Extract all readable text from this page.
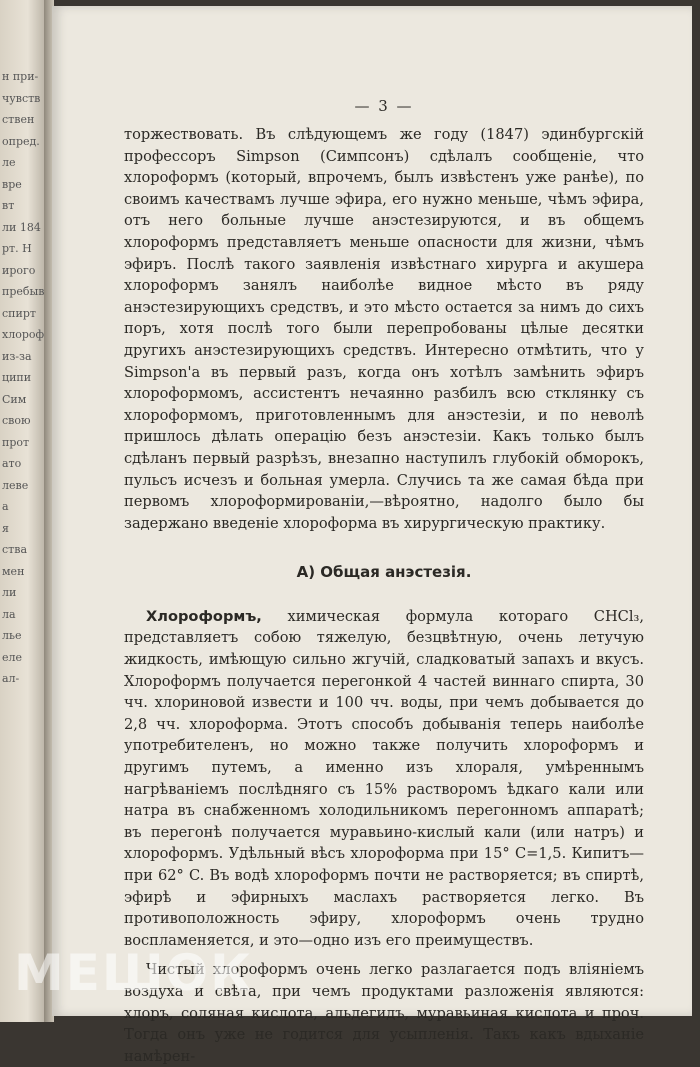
н при-
чувств
ствен
опред.
ле
вре
вт
ли 184
рт. Н
ирого
пребыв
спирт
хлороф
из-за
ципи
Сим
свою
прот
ато
леве
а
я
ства
мен
ли
ла
лье
еле
ал-
— 3 —

торжествовать. Въ слѣдующемъ же году (1847) эдинбургскій профессоръ Simpson (Симпсонъ) сдѣлалъ сообщеніе, что хлороформъ (который, впрочемъ, былъ извѣстенъ уже ранѣе), по своимъ качествамъ лучше эфира, его нужно меньше, чѣмъ эфира, отъ него больные лучше анэстезируются, и въ общемъ хлороформъ представляетъ меньше опасности для жизни, чѣмъ эфиръ. Послѣ такого заявленія извѣстнаго хирурга и акушера хлороформъ занялъ наиболѣе видное мѣсто въ ряду анэстезирующихъ средствъ, и это мѣсто остается за нимъ до сихъ поръ, хотя послѣ того были перепробованы цѣлые десятки другихъ анэстезирующихъ средствъ. Интересно отмѣтить, что у Simpson'а въ первый разъ, когда онъ хотѣлъ замѣнить эфиръ хлороформомъ, ассистентъ нечаянно разбилъ всю стклянку съ хлороформомъ, приготовленнымъ для анэстезіи, и по неволѣ пришлось дѣлать операцію безъ анэстезіи. Какъ только былъ сдѣланъ первый разрѣзъ, внезапно наступилъ глубокій обморокъ, пульсъ исчезъ и больная умерла. Случись та же самая бѣда при первомъ хлороформированіи,—вѣроятно, надолго было бы задержано введеніе хлороформа въ хирургическую практику.

А) Общая анэстезія.

Хлороформъ, химическая формула котораго CHCl₃, представляетъ собою тяжелую, безцвѣтную, очень летучую жидкость, имѣющую сильно жгучій, сладковатый запахъ и вкусъ. Хлороформъ получается перегонкой 4 частей виннаго спирта, 30 чч. хлориновой извести и 100 чч. воды, при чемъ добывается до 2,8 чч. хлороформа. Этотъ способъ добыванія теперь наиболѣе употребителенъ, но можно также получить хлороформъ и другимъ путемъ, а именно изъ хлораля, умѣреннымъ нагрѣваніемъ послѣдняго съ 15% растворомъ ѣдкаго кали или натра въ снабженномъ холодильникомъ перегонномъ аппаратѣ; въ перегонѣ получается муравьино-кислый кали (или натръ) и хлороформъ. Удѣльный вѣсъ хлороформа при 15° C=1,5. Кипитъ—при 62° C. Въ водѣ хлороформъ почти не растворяется; въ спиртѣ, эфирѣ и эфирныхъ маслахъ растворяется легко. Въ противоположность эфиру, хлороформъ очень трудно воспламеняется, и это—одно изъ его преимуществъ.

Чистый хлороформъ очень легко разлагается подъ вліяніемъ воздуха и свѣта, при чемъ продуктами разложенія являются: хлоръ, соляная кислота, альдегидъ, муравьиная кислота и проч. Тогда онъ уже не годится для усыпленія. Такъ какъ вдыханіе намѣрен-

МЕШОК
